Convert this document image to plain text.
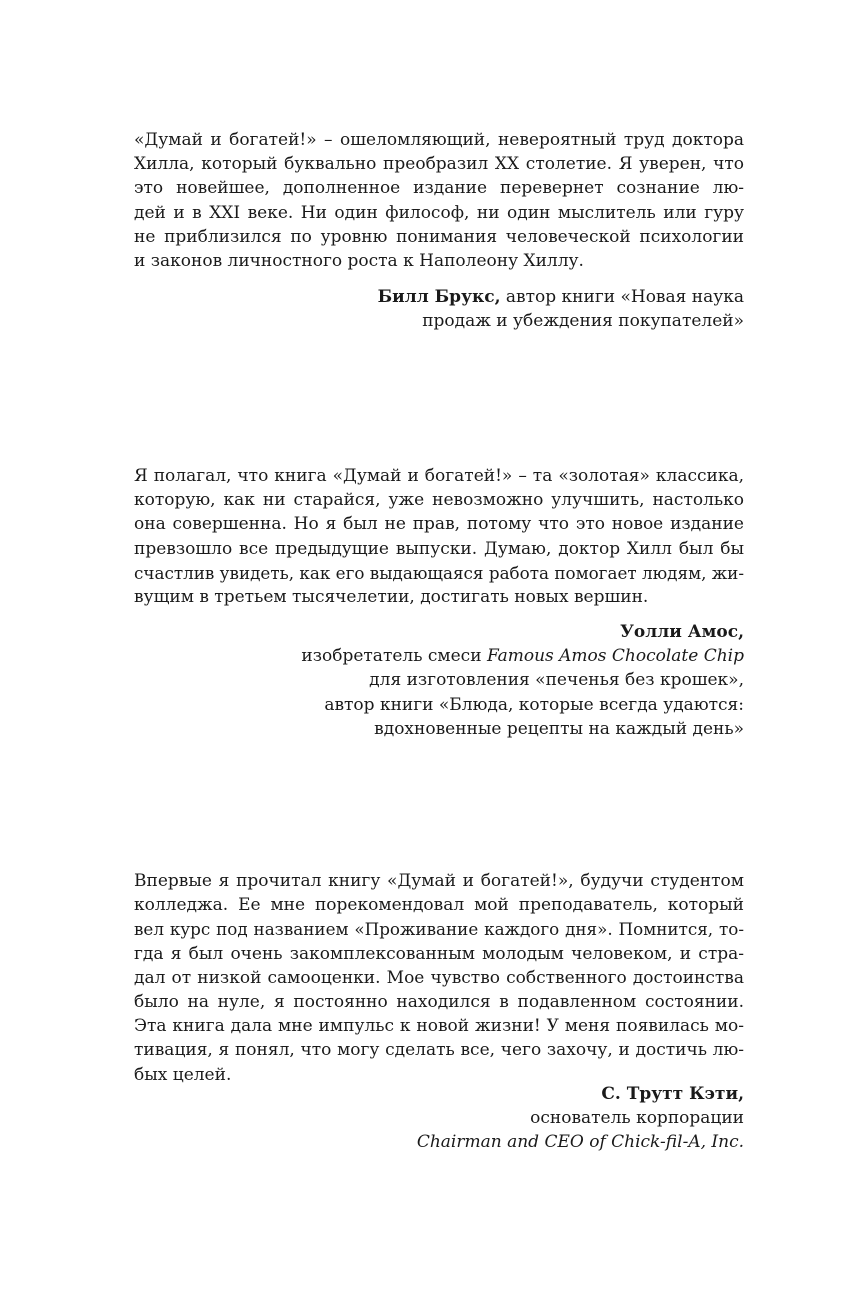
«Думай и богатей!» – ошеломляющий, невероятный труд доктора
Хилла, который буквально преобразил XX столетие. Я уверен, что
это новейшее, дополненное издание перевернет сознание лю-
дей и в XXI веке. Ни один философ, ни один мыслитель или гуру
не приблизился по уровню понимания человеческой психологии
и законов личностного роста к Наполеону Хиллу.
Билл Брукс, автор книги «Новая наука
продаж и убеждения покупателей»
Я полагал, что книга «Думай и богатей!» – та «золотая» классика,
которую, как ни старайся, уже невозможно улучшить, настолько
она совершенна. Но я был не прав, потому что это новое издание
превзошло все предыдущие выпуски. Думаю, доктор Хилл был бы
счастлив увидеть, как его выдающаяся работа помогает людям, жи-
вущим в третьем тысячелетии, достигать новых вершин.
Уолли Амос,
изобретатель смеси Famous Amos Chocolate Chip
для изготовления «печенья без крошек»,
автор книги «Блюда, которые всегда удаются:
вдохновенные рецепты на каждый день»
Впервые я прочитал книгу «Думай и богатей!», будучи студентом
колледжа. Ее мне порекомендовал мой преподаватель, который
вел курс под названием «Проживание каждого дня». Помнится, то-
гда я был очень закомплексованным молодым человеком, и стра-
дал от низкой самооценки. Мое чувство собственного достоинства
было на нуле, я постоянно находился в подавленном состоянии.
Эта книга дала мне импульс к новой жизни! У меня появилась мо-
тивация, я понял, что могу сделать все, чего захочу, и достичь лю-
бых целей.
С. Трутт Кэти,
основатель корпорации
Chairman and CEO of Chick-fil-A, Inc.
